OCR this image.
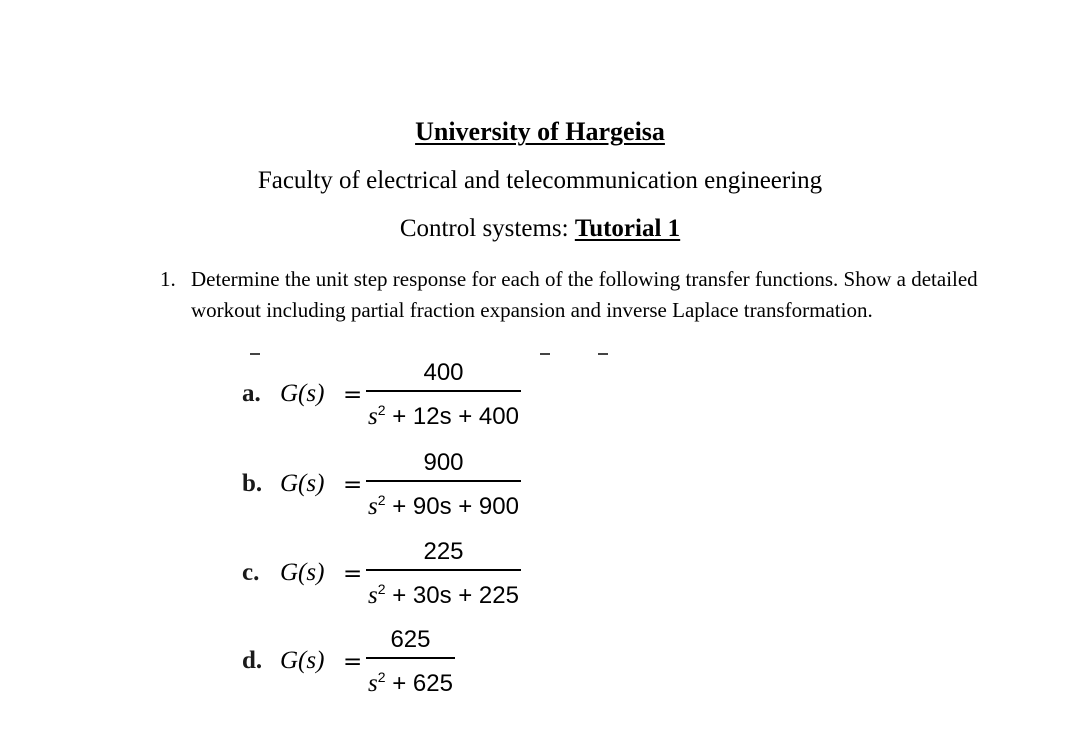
University of Hargeisa
Faculty of electrical and telecommunication engineering
Control systems: Tutorial 1
1. Determine the unit step response for each of the following transfer functions. Show a detailed workout including partial fraction expansion and inverse Laplace transformation.
a. G(s) =
400
$s^2 + 12s + 400$
b. G(s) =
900
$s^2 + 90s + 900$
c. G(s) =
225
$s^2 + 30s + 225$
d. G(s) =
625
$s^2 + 625$
